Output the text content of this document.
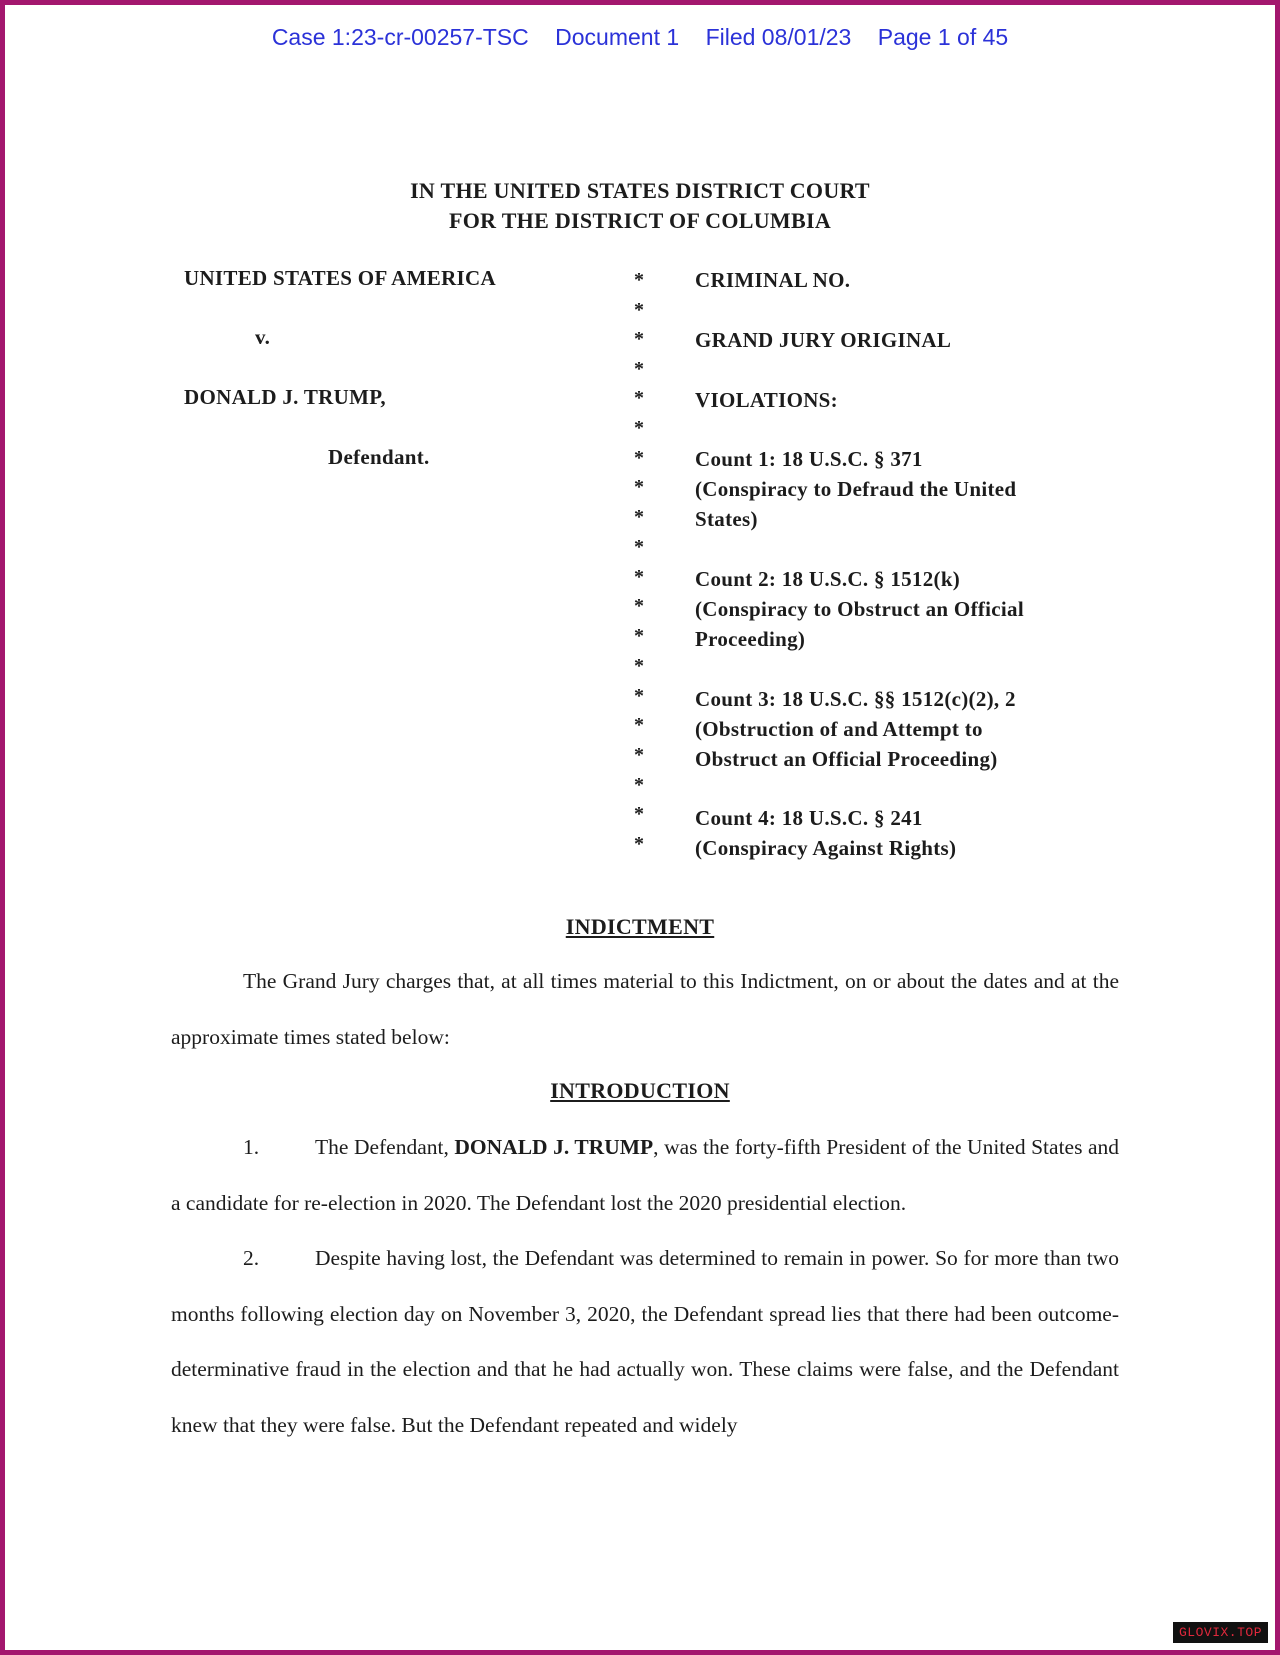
Case 1:23-cr-00257-TSC Document 1 Filed 08/01/23 Page 1 of 45
IN THE UNITED STATES DISTRICT COURT
FOR THE DISTRICT OF COLUMBIA
UNITED STATES OF AMERICA
v.
DONALD J. TRUMP,
Defendant.
*
*
*
*
*
*
*
*
*
*
*
*
*
*
*
*
*
*
*
*
CRIMINAL NO.
GRAND JURY ORIGINAL
VIOLATIONS:
Count 1: 18 U.S.C. § 371
(Conspiracy to Defraud the United
States)
Count 2: 18 U.S.C. § 1512(k)
(Conspiracy to Obstruct an Official
Proceeding)
Count 3: 18 U.S.C. §§ 1512(c)(2), 2
(Obstruction of and Attempt to
Obstruct an Official Proceeding)
Count 4: 18 U.S.C. § 241
(Conspiracy Against Rights)
INDICTMENT
The Grand Jury charges that, at all times material to this Indictment, on or about the dates and at the approximate times stated below:
INTRODUCTION
1.	The Defendant, DONALD J. TRUMP, was the forty-fifth President of the United States and a candidate for re-election in 2020. The Defendant lost the 2020 presidential election.
2.	Despite having lost, the Defendant was determined to remain in power. So for more than two months following election day on November 3, 2020, the Defendant spread lies that there had been outcome-determinative fraud in the election and that he had actually won. These claims were false, and the Defendant knew that they were false. But the Defendant repeated and widely
GLOVIX.TOP
